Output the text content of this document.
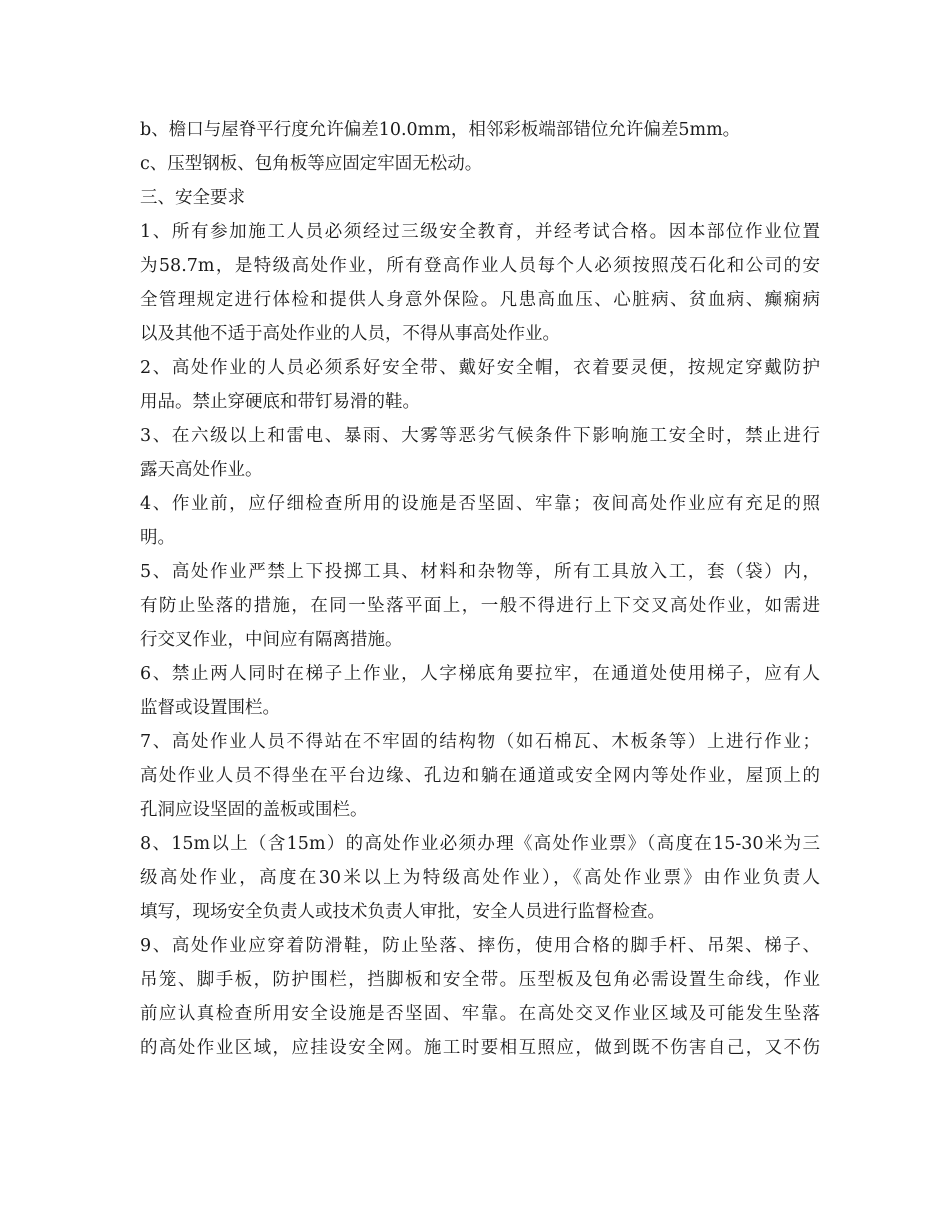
b、檐口与屋脊平行度允许偏差10.0mm，相邻彩板端部错位允许偏差5mm。
c、压型钢板、包角板等应固定牢固无松动。
三、安全要求
1、所有参加施工人员必须经过三级安全教育，并经考试合格。因本部位作业位置
为58.7m，是特级高处作业，所有登高作业人员每个人必须按照茂石化和公司的安
全管理规定进行体检和提供人身意外保险。凡患高血压、心脏病、贫血病、癫痫病
以及其他不适于高处作业的人员，不得从事高处作业。
2、高处作业的人员必须系好安全带、戴好安全帽，衣着要灵便，按规定穿戴防护
用品。禁止穿硬底和带钉易滑的鞋。
3、在六级以上和雷电、暴雨、大雾等恶劣气候条件下影响施工安全时，禁止进行
露天高处作业。
4、作业前，应仔细检查所用的设施是否坚固、牢靠；夜间高处作业应有充足的照
明。
5、高处作业严禁上下投掷工具、材料和杂物等，所有工具放入工，套（袋）内，
有防止坠落的措施，在同一坠落平面上，一般不得进行上下交叉高处作业，如需进
行交叉作业，中间应有隔离措施。
6、禁止两人同时在梯子上作业，人字梯底角要拉牢，在通道处使用梯子，应有人
监督或设置围栏。
7、高处作业人员不得站在不牢固的结构物（如石棉瓦、木板条等）上进行作业；
高处作业人员不得坐在平台边缘、孔边和躺在通道或安全网内等处作业，屋顶上的
孔洞应设坚固的盖板或围栏。
8、15m以上（含15m）的高处作业必须办理《高处作业票》（高度在15-30米为三
级高处作业，高度在30米以上为特级高处作业），《高处作业票》由作业负责人
填写，现场安全负责人或技术负责人审批，安全人员进行监督检查。
9、高处作业应穿着防滑鞋，防止坠落、摔伤，使用合格的脚手杆、吊架、梯子、
吊笼、脚手板，防护围栏，挡脚板和安全带。压型板及包角必需设置生命线，作业
前应认真检查所用安全设施是否坚固、牢靠。在高处交叉作业区域及可能发生坠落
的高处作业区域，应挂设安全网。施工时要相互照应，做到既不伤害自己，又不伤
